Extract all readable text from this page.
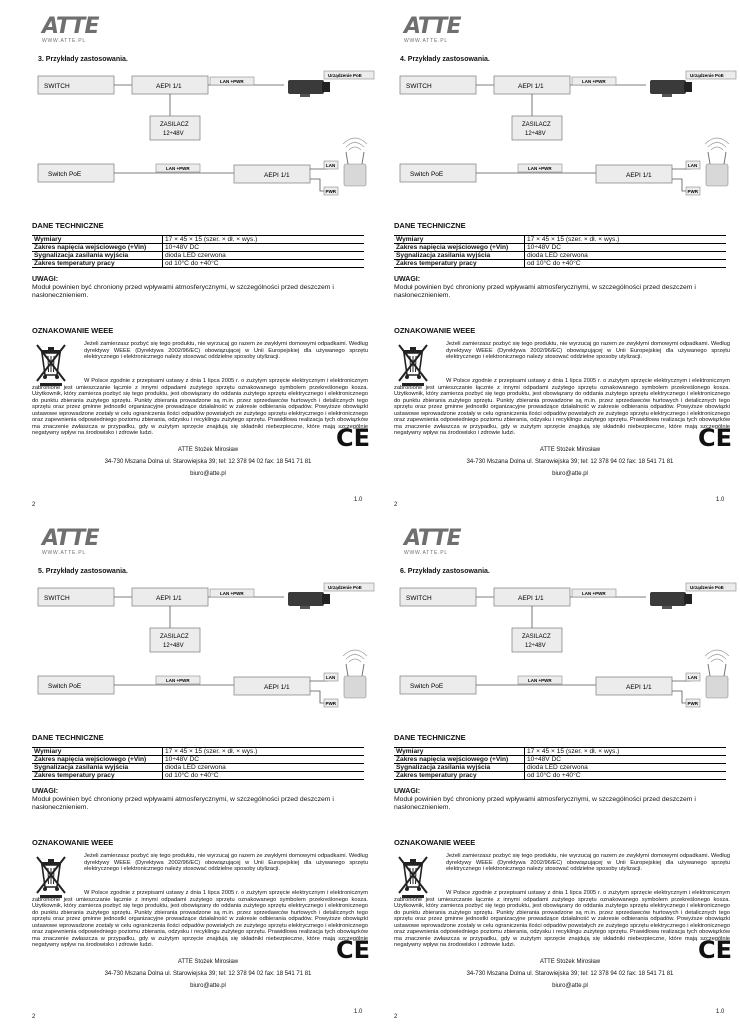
ATTE
WWW.ATTE.PL
3. Przykłady zastosowania.
SWITCH	AEPI 1/1
LAN +PWR
Urządzenie PoE
ZASILACZ
12÷48V
Switch PoE
LAN +PWR
AEPI 1/1
LAN
PWR
DANE TECHNICZNE
Wymiary	17 × 45 × 15 (szer. × dł. × wys.)
Zakres napięcia wejściowego (+Vin)	10÷48V DC
Sygnalizacja zasilania wyjścia	dioda LED czerwona
Zakres temperatury pracy	od 10°C do +40°C
UWAGI:
Moduł powinien być chroniony przed wpływami atmosferycznymi, w szczególności przed deszczem i nasłonecznieniem.
OZNAKOWANIE WEEE
Jeżeli zamierzasz pozbyć się tego produktu, nie wyrzucaj go razem ze zwykłymi domowymi odpadkami. Według dyrektywy WEEE (Dyrektywa 2002/96/EC) obowiązującej w Unii Europejskiej dla używanego sprzętu elektrycznego i elektronicznego należy stosować oddzielne sposoby utylizacji.
W Polsce zgodnie z przepisami ustawy z dnia 1 lipca 2005 r. o zużytym sprzęcie elektrycznym i elektronicznym zabronione jest umieszczanie łącznie z innymi odpadami zużytego sprzętu oznakowanego symbolem przekreślonego kosza. Użytkownik, który zamierza pozbyć się tego produktu, jest obowiązany do oddania zużytego sprzętu elektrycznego i elektronicznego do punktu zbierania zużytego sprzętu. Punkty zbierania prowadzone są m.in. przez sprzedawców hurtowych i detalicznych tego sprzętu oraz przez gminne jednostki organizacyjne prowadzące działalność w zakresie odbierania odpadów. Powyższe obowiązki ustawowe wprowadzone zostały w celu ograniczenia ilości odpadów powstałych ze zużytego sprzętu elektrycznego i elektronicznego oraz zapewnienia odpowiedniego poziomu zbierania, odzysku i recyklingu zużytego sprzętu. Prawidłowa realizacja tych obowiązków ma znaczenie zwłaszcza w przypadku, gdy w zużytym sprzęcie znajdują się składniki niebezpieczne, które mają szczególnie negatywny wpływ na środowisko i zdrowie ludzi.	CE
ATTE Stożek Mirosław
34-730 Mszana Dolna ul. Starowiejska 39; tel: 12 378 94 02 fax: 18 541 71 81
biuro@atte.pl
2
1.0
ATTE
WWW.ATTE.PL
4. Przykłady zastosowania.
SWITCH	AEPI 1/1
LAN +PWR
Urządzenie PoE
ZASILACZ
12÷48V
Switch PoE
LAN +PWR
AEPI 1/1
LAN
PWR
DANE TECHNICZNE
Wymiary	17 × 45 × 15 (szer. × dł. × wys.)
Zakres napięcia wejściowego (+Vin)	10÷48V DC
Sygnalizacja zasilania wyjścia	dioda LED czerwona
Zakres temperatury pracy	od 10°C do +40°C
UWAGI:
Moduł powinien być chroniony przed wpływami atmosferycznymi, w szczególności przed deszczem i nasłonecznieniem.
OZNAKOWANIE WEEE
Jeżeli zamierzasz pozbyć się tego produktu, nie wyrzucaj go razem ze zwykłymi domowymi odpadkami. Według dyrektywy WEEE (Dyrektywa 2002/96/EC) obowiązującej w Unii Europejskiej dla używanego sprzętu elektrycznego i elektronicznego należy stosować oddzielne sposoby utylizacji.
W Polsce zgodnie z przepisami ustawy z dnia 1 lipca 2005 r. o zużytym sprzęcie elektrycznym i elektronicznym zabronione jest umieszczanie łącznie z innymi odpadami zużytego sprzętu oznakowanego symbolem przekreślonego kosza. Użytkownik, który zamierza pozbyć się tego produktu, jest obowiązany do oddania zużytego sprzętu elektrycznego i elektronicznego do punktu zbierania zużytego sprzętu. Punkty zbierania prowadzone są m.in. przez sprzedawców hurtowych i detalicznych tego sprzętu oraz przez gminne jednostki organizacyjne prowadzące działalność w zakresie odbierania odpadów. Powyższe obowiązki ustawowe wprowadzone zostały w celu ograniczenia ilości odpadów powstałych ze zużytego sprzętu elektrycznego i elektronicznego oraz zapewnienia odpowiedniego poziomu zbierania, odzysku i recyklingu zużytego sprzętu. Prawidłowa realizacja tych obowiązków ma znaczenie zwłaszcza w przypadku, gdy w zużytym sprzęcie znajdują się składniki niebezpieczne, które mają szczególnie negatywny wpływ na środowisko i zdrowie ludzi.	CE
ATTE Stożek Mirosław
34-730 Mszana Dolna ul. Starowiejska 39; tel: 12 378 94 02 fax: 18 541 71 81
biuro@atte.pl
2
1.0
ATTE
WWW.ATTE.PL
5. Przykłady zastosowania.
SWITCH	AEPI 1/1
LAN +PWR
Urządzenie PoE
ZASILACZ
12÷48V
Switch PoE
LAN +PWR
AEPI 1/1
LAN
PWR
DANE TECHNICZNE
Wymiary	17 × 45 × 15 (szer. × dł. × wys.)
Zakres napięcia wejściowego (+Vin)	10÷48V DC
Sygnalizacja zasilania wyjścia	dioda LED czerwona
Zakres temperatury pracy	od 10°C do +40°C
UWAGI:
Moduł powinien być chroniony przed wpływami atmosferycznymi, w szczególności przed deszczem i nasłonecznieniem.
OZNAKOWANIE WEEE
Jeżeli zamierzasz pozbyć się tego produktu, nie wyrzucaj go razem ze zwykłymi domowymi odpadkami. Według dyrektywy WEEE (Dyrektywa 2002/96/EC) obowiązującej w Unii Europejskiej dla używanego sprzętu elektrycznego i elektronicznego należy stosować oddzielne sposoby utylizacji.
W Polsce zgodnie z przepisami ustawy z dnia 1 lipca 2005 r. o zużytym sprzęcie elektrycznym i elektronicznym zabronione jest umieszczanie łącznie z innymi odpadami zużytego sprzętu oznakowanego symbolem przekreślonego kosza. Użytkownik, który zamierza pozbyć się tego produktu, jest obowiązany do oddania zużytego sprzętu elektrycznego i elektronicznego do punktu zbierania zużytego sprzętu. Punkty zbierania prowadzone są m.in. przez sprzedawców hurtowych i detalicznych tego sprzętu oraz przez gminne jednostki organizacyjne prowadzące działalność w zakresie odbierania odpadów. Powyższe obowiązki ustawowe wprowadzone zostały w celu ograniczenia ilości odpadów powstałych ze zużytego sprzętu elektrycznego i elektronicznego oraz zapewnienia odpowiedniego poziomu zbierania, odzysku i recyklingu zużytego sprzętu. Prawidłowa realizacja tych obowiązków ma znaczenie zwłaszcza w przypadku, gdy w zużytym sprzęcie znajdują się składniki niebezpieczne, które mają szczególnie negatywny wpływ na środowisko i zdrowie ludzi.	CE
ATTE Stożek Mirosław
34-730 Mszana Dolna ul. Starowiejska 39; tel: 12 378 94 02 fax: 18 541 71 81
biuro@atte.pl
2
1.0
ATTE
WWW.ATTE.PL
6. Przykłady zastosowania.
SWITCH	AEPI 1/1
LAN +PWR
Urządzenie PoE
ZASILACZ
12÷48V
Switch PoE
LAN +PWR
AEPI 1/1
LAN
PWR
DANE TECHNICZNE
Wymiary	17 × 45 × 15 (szer. × dł. × wys.)
Zakres napięcia wejściowego (+Vin)	10÷48V DC
Sygnalizacja zasilania wyjścia	dioda LED czerwona
Zakres temperatury pracy	od 10°C do +40°C
UWAGI:
Moduł powinien być chroniony przed wpływami atmosferycznymi, w szczególności przed deszczem i nasłonecznieniem.
OZNAKOWANIE WEEE
Jeżeli zamierzasz pozbyć się tego produktu, nie wyrzucaj go razem ze zwykłymi domowymi odpadkami. Według dyrektywy WEEE (Dyrektywa 2002/96/EC) obowiązującej w Unii Europejskiej dla używanego sprzętu elektrycznego i elektronicznego należy stosować oddzielne sposoby utylizacji.
W Polsce zgodnie z przepisami ustawy z dnia 1 lipca 2005 r. o zużytym sprzęcie elektrycznym i elektronicznym zabronione jest umieszczanie łącznie z innymi odpadami zużytego sprzętu oznakowanego symbolem przekreślonego kosza. Użytkownik, który zamierza pozbyć się tego produktu, jest obowiązany do oddania zużytego sprzętu elektrycznego i elektronicznego do punktu zbierania zużytego sprzętu. Punkty zbierania prowadzone są m.in. przez sprzedawców hurtowych i detalicznych tego sprzętu oraz przez gminne jednostki organizacyjne prowadzące działalność w zakresie odbierania odpadów. Powyższe obowiązki ustawowe wprowadzone zostały w celu ograniczenia ilości odpadów powstałych ze zużytego sprzętu elektrycznego i elektronicznego oraz zapewnienia odpowiedniego poziomu zbierania, odzysku i recyklingu zużytego sprzętu. Prawidłowa realizacja tych obowiązków ma znaczenie zwłaszcza w przypadku, gdy w zużytym sprzęcie znajdują się składniki niebezpieczne, które mają szczególnie negatywny wpływ na środowisko i zdrowie ludzi.	CE
ATTE Stożek Mirosław
34-730 Mszana Dolna ul. Starowiejska 39; tel: 12 378 94 02 fax: 18 541 71 81
biuro@atte.pl
2
1.0
